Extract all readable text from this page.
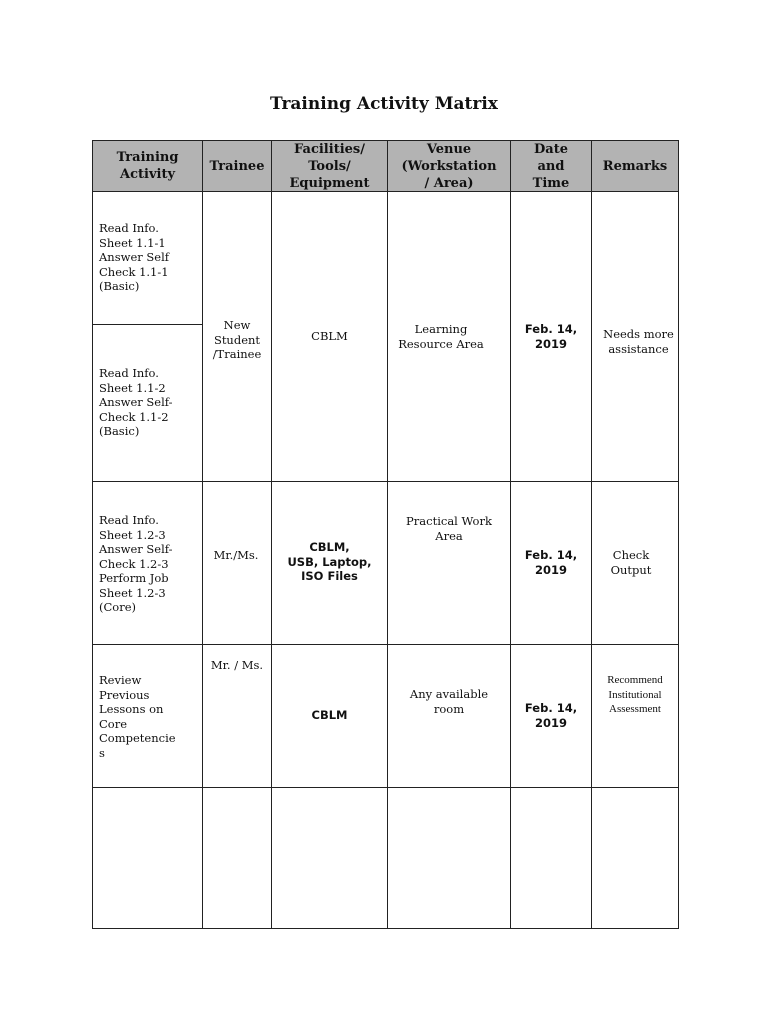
Training Activity Matrix
Training
Activity
Trainee
Facilities/
Tools/
Equipment
Venue
(Workstation
/ Area)
Date
and
Time
Remarks
Read Info.
Sheet 1.1-1
Answer Self
Check 1.1-1
(Basic)
Read Info.
Sheet 1.1-2
Answer Self-
Check 1.1-2
(Basic)
New
Student
/Trainee
CBLM	Learning
Resource Area
Feb. 14,
2019
Needs more
assistance
Read Info.
Sheet 1.2-3
Answer Self-
Check 1.2-3
Perform Job
Sheet 1.2-3
(Core)
Mr./Ms.
CBLM,
USB, Laptop,
ISO Files
Practical Work
Area
Feb. 14,
2019
Check
Output
Review
Previous
Lessons on
Core
Competencie
s
Mr. / Ms.
CBLM
Any available
room	Feb. 14,
2019
Recommend
Institutional
Assessment
